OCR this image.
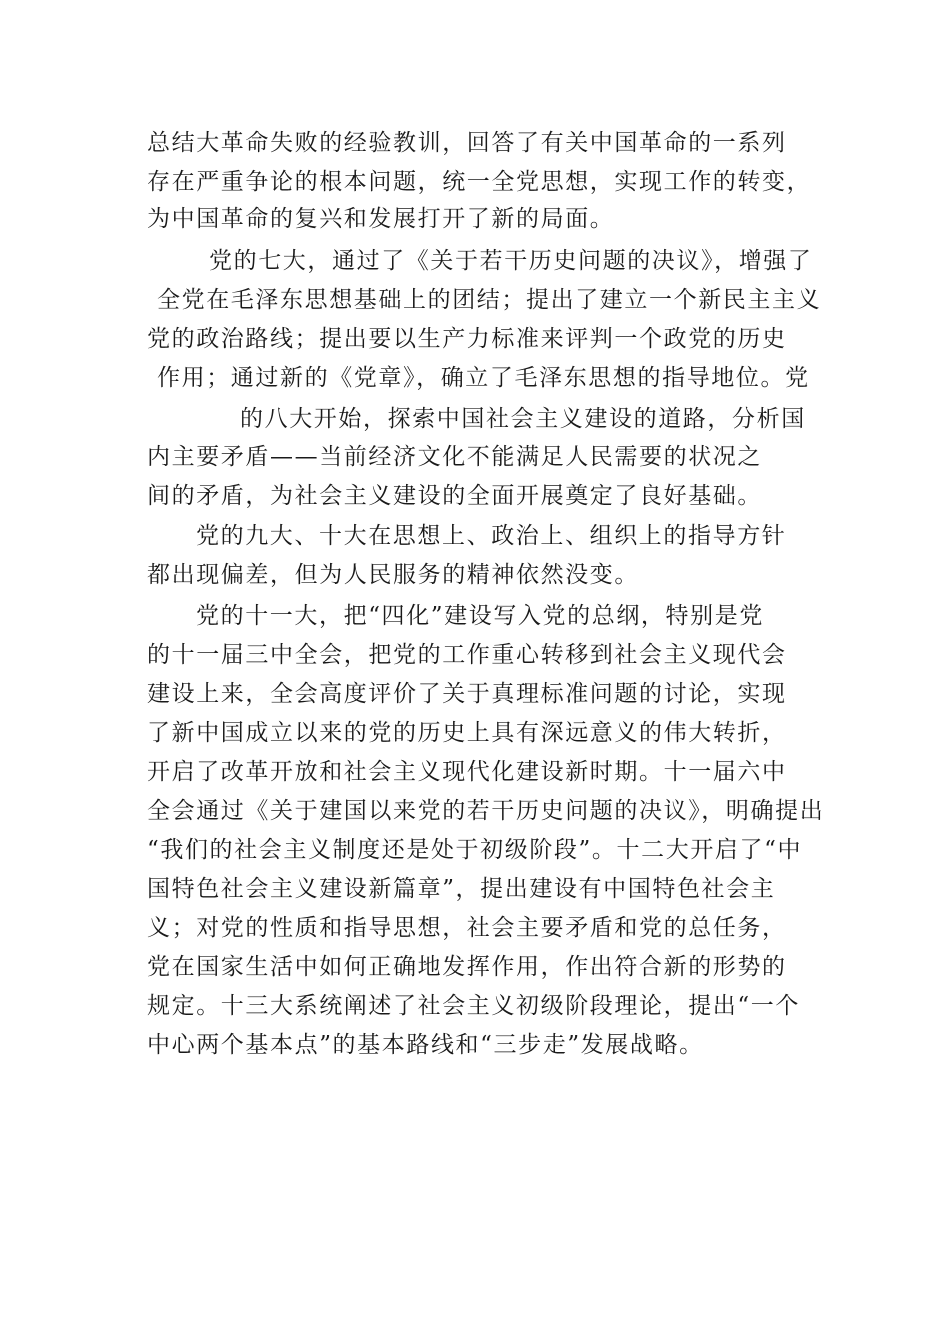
总结大革命失败的经验教训，回答了有关中国革命的一系列
存在严重争论的根本问题，统一全党思想，实现工作的转变，
为中国革命的复兴和发展打开了新的局面。
党的七大，通过了《关于若干历史问题的决议》，增强了
全党在毛泽东思想基础上的团结；提出了建立一个新民主主义
党的政治路线；提出要以生产力标准来评判一个政党的历史
作用；通过新的《党章》，确立了毛泽东思想的指导地位。党
的八大开始，探索中国社会主义建设的道路，分析国
内主要矛盾——当前经济文化不能满足人民需要的状况之
间的矛盾，为社会主义建设的全面开展奠定了良好基础。
党的九大、十大在思想上、政治上、组织上的指导方针
都出现偏差，但为人民服务的精神依然没变。
党的十一大，把“四化”建设写入党的总纲，特别是党
的十一届三中全会，把党的工作重心转移到社会主义现代会
建设上来，全会高度评价了关于真理标准问题的讨论，实现
了新中国成立以来的党的历史上具有深远意义的伟大转折，
开启了改革开放和社会主义现代化建设新时期。十一届六中
全会通过《关于建国以来党的若干历史问题的决议》，明确提出
“我们的社会主义制度还是处于初级阶段”。十二大开启了“中
国特色社会主义建设新篇章”，提出建设有中国特色社会主
义；对党的性质和指导思想，社会主要矛盾和党的总任务，
党在国家生活中如何正确地发挥作用，作出符合新的形势的
规定。十三大系统阐述了社会主义初级阶段理论，提出“一个
中心两个基本点”的基本路线和“三步走”发展战略。
